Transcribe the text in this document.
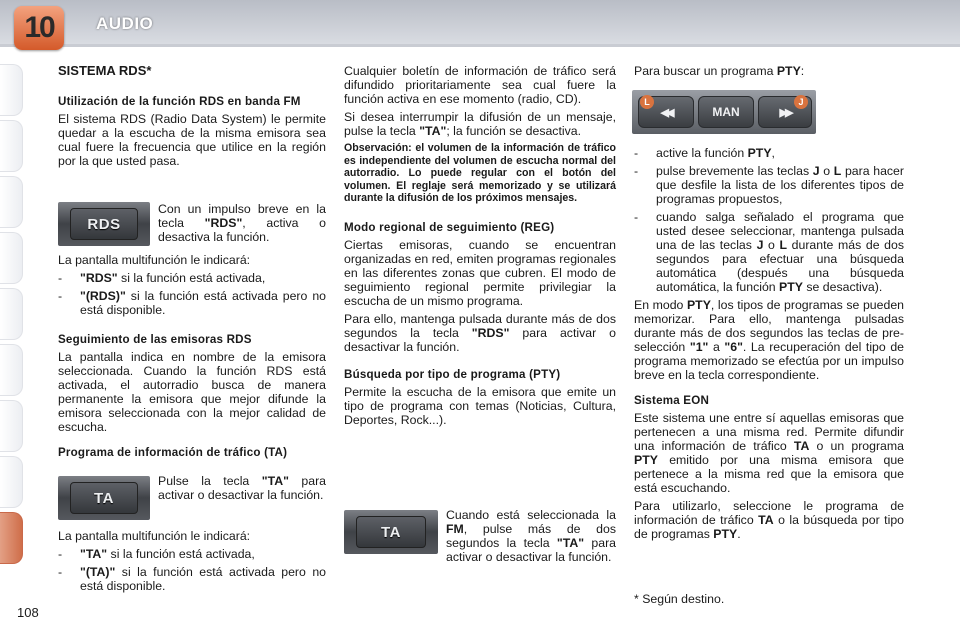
10	AUDIO
108

SISTEMA RDS*

Utilización de la función RDS en banda FM

El sistema RDS (Radio Data System) le permite quedar a la escucha de la misma emisora sea cual fuere la frecuencia que utilice en la región por la que usted pasa.

RDS
Con un impulso breve en la tecla "RDS", activa o desactiva la función.

La pantalla multifunción le indicará:

-	"RDS" si la función está activada,
-	"(RDS)" si la función está activada pero no está disponible.

Seguimiento de las emisoras RDS

La pantalla indica en nombre de la emisora seleccionada. Cuando la función RDS está activada, el autorradio busca de manera permanente la emisora que mejor difunde la emisora seleccionada con la mejor calidad de escucha.

Programa de información de tráfico (TA)

TA
Pulse la tecla "TA" para activar o desactivar la función.

La pantalla multifunción le indicará:

-	"TA" si la función está activada,
-	"(TA)" si la función está activada pero no está disponible.

Cualquier boletín de información de tráfico será difundido prioritariamente sea cual fuere la función activa en ese momento (radio, CD).

Si desea interrumpir la difusión de un mensaje, pulse la tecla "TA"; la función se desactiva.

Observación: el volumen de la información de tráfico es independiente del volumen de escucha normal del autorradio. Lo puede regular con el botón del volumen. El reglaje será memorizado y se utilizará durante la difusión de los próximos mensajes.

Modo regional de seguimiento (REG)

Ciertas emisoras, cuando se encuentran organizadas en red, emiten programas regionales en las diferentes zonas que cubren. El modo de seguimiento regional permite privilegiar la escucha de un mismo programa.

Para ello, mantenga pulsada durante más de dos segundos la tecla "RDS" para activar o desactivar la función.

Búsqueda por tipo de programa (PTY)

Permite la escucha de la emisora que emite un tipo de programa con temas (Noticias, Cultura, Deportes, Rock...).

TA
Cuando está seleccionada la FM, pulse más de dos segundos la tecla "TA" para activar o desactivar la función.
Para buscar un programa PTY:
◀◀
L
MAN	▶▶
J
-	active la función PTY,
-	pulse brevemente las teclas J o L para hacer que desfile la lista de los diferentes tipos de programas propuestos,
-	cuando salga señalado el programa que usted desee seleccionar, mantenga pulsada una de las teclas J o L durante más de dos segundos para efectuar una búsqueda automática (después una búsqueda automática, la función PTY se desactiva).

En modo PTY, los tipos de programas se pueden memorizar. Para ello, mantenga pulsadas durante más de dos segundos las teclas de pre-selección "1" a "6". La recuperación del tipo de programa memorizado se efectúa por un impulso breve en la tecla correspondiente.

Sistema EON

Este sistema une entre sí aquellas emisoras que pertenecen a una misma red. Permite difundir una información de tráfico TA o un programa PTY emitido por una misma emisora que pertenece a la misma red que la emisora que está escuchando.

Para utilizarlo, seleccione le programa de información de tráfico TA o la búsqueda por tipo de programas PTY.

* Según destino.
